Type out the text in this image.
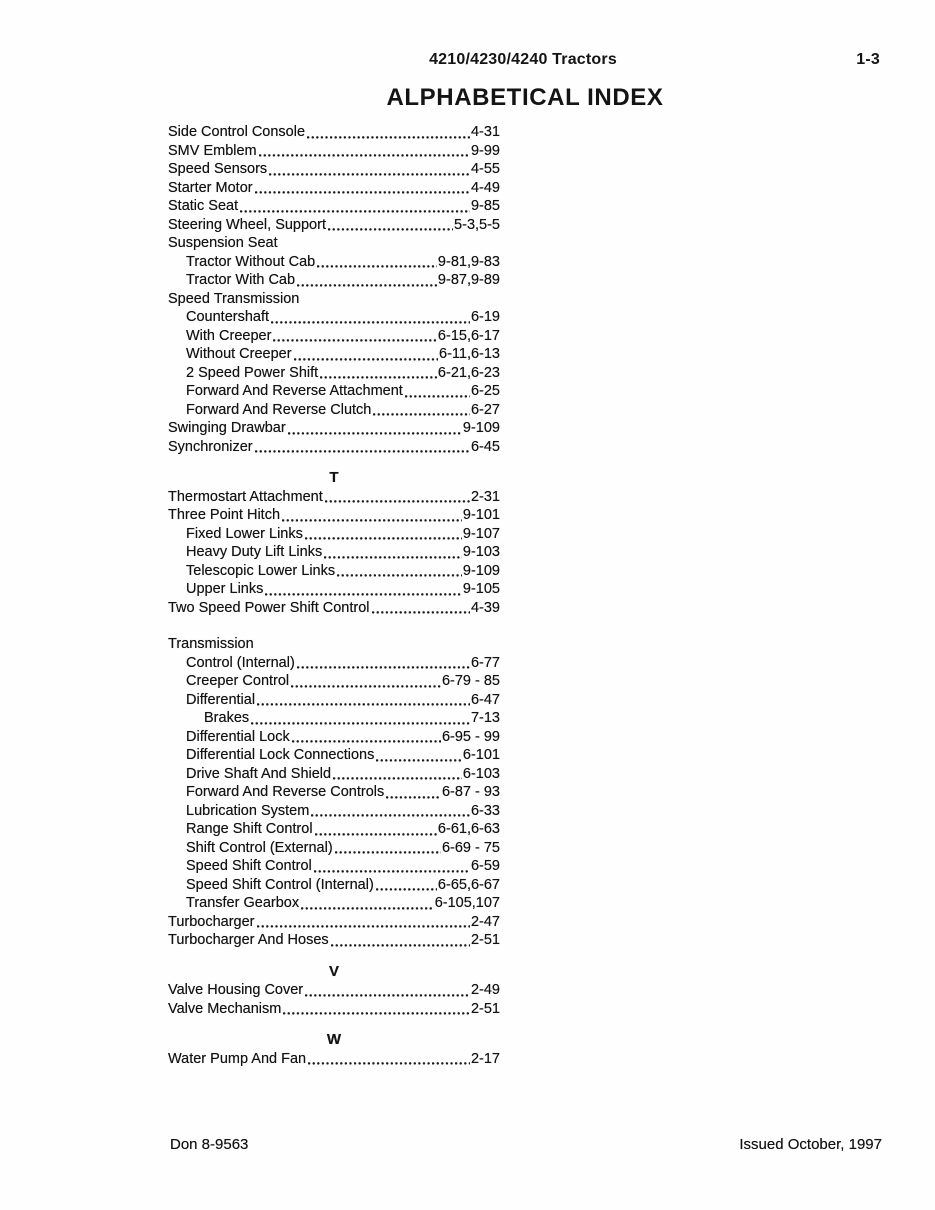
4210/4230/4240 Tractors	1-3
ALPHABETICAL INDEX
Side Control Console	4-31
SMV Emblem	9-99
Speed Sensors	4-55
Starter Motor	4-49
Static Seat	9-85
Steering Wheel, Support	5-3,5-5
Suspension Seat
Tractor Without Cab	9-81,9-83
Tractor With Cab	9-87,9-89
Speed Transmission
Countershaft	6-19
With Creeper	6-15,6-17
Without Creeper	6-11,6-13
2 Speed Power Shift	6-21,6-23
Forward And Reverse Attachment	6-25
Forward And Reverse Clutch	6-27
Swinging Drawbar	9-109
Synchronizer	6-45
T
Thermostart Attachment	2-31
Three Point Hitch	9-101
Fixed Lower Links	9-107
Heavy Duty Lift Links	9-103
Telescopic Lower Links	9-109
Upper Links	9-105
Two Speed Power Shift Control	4-39
Transmission
Control (Internal)	6-77
Creeper Control	6-79 - 85
Differential	6-47
Brakes	7-13
Differential Lock	6-95 - 99
Differential Lock Connections	6-101
Drive Shaft And Shield	6-103
Forward And Reverse Controls	6-87 - 93
Lubrication System	6-33
Range Shift Control	6-61,6-63
Shift Control (External)	6-69 - 75
Speed Shift Control	6-59
Speed Shift Control (Internal)	6-65,6-67
Transfer Gearbox	6-105,107
Turbocharger	2-47
Turbocharger And Hoses	2-51
V
Valve Housing Cover	2-49
Valve Mechanism	2-51
W
Water Pump And Fan	2-17
Don 8-9563	Issued October, 1997
